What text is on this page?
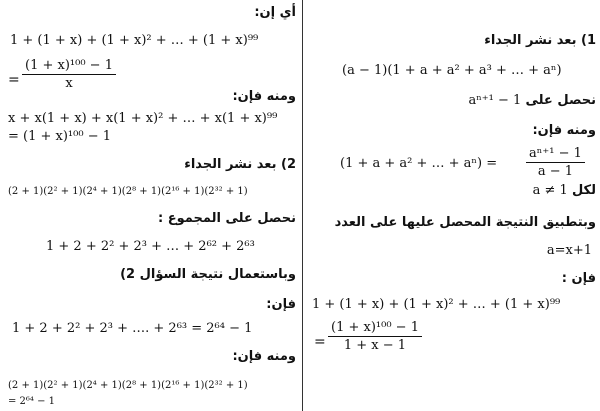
أي إن:
1 + (1 + x) + (1 + x)² + … + (1 + x)⁹⁹
= $\frac{\text{(1 + x)¹⁰⁰ − 1}}{x}$
ومنه فإن:
x + x(1 + x) + x(1 + x)² + … + x(1 + x)⁹⁹
= (1 + x)¹⁰⁰ − 1
2) بعد نشر الجداء
(2 + 1)(2² + 1)(2⁴ + 1)(2⁸ + 1)(2¹⁶ + 1)(2³² + 1)
نحصل على المجموع :
1 + 2 + 2² + 2³ + … + 2⁶² + 2⁶³
وباستعمال نتيجة السؤال 2)
فإن:
1 + 2 + 2² + 2³ + …. + 2⁶³ = 2⁶⁴ − 1
ومنه فإن:
(2 + 1)(2² + 1)(2⁴ + 1)(2⁸ + 1)(2¹⁶ + 1)(2³² + 1)
= 2⁶⁴ − 1
1) بعد نشر الجداء
(a − 1)(1 + a + a² + a³ + … + aⁿ)
aⁿ⁺¹ − 1 نحصل على
ومنه فإن:
(1 + a + a² + … + $a^n) = \frac{\text{aⁿ⁺¹ − 1}}{a - 1}$
a ≠ 1 لكل
وبتطبيق النتيجة المحصل عليها على العدد
a=x+1
فإن :
1 + (1 + x) + (1 + x)² + … + (1 + x)⁹⁹
= $\frac{\text{(1 + x)¹⁰⁰ − 1}}{1 + x - 1}$
